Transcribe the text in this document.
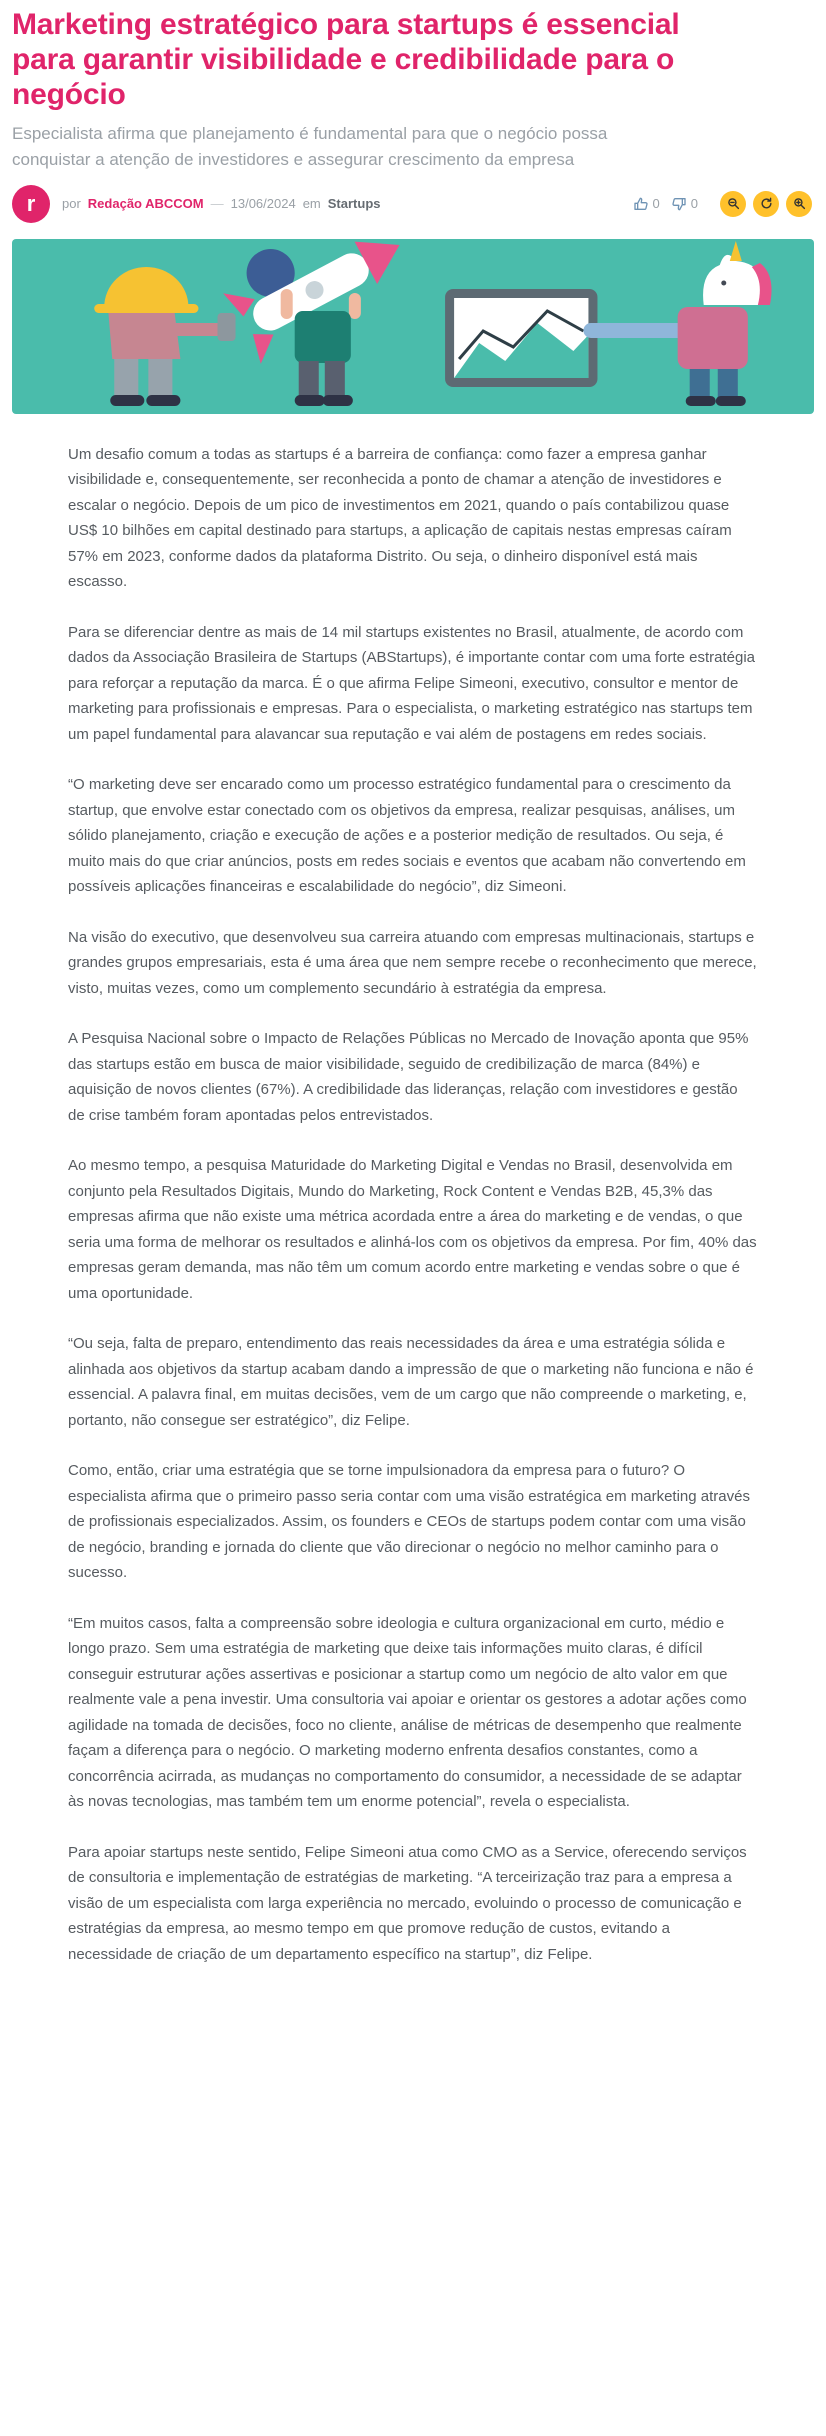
Marketing estratégico para startups é essencial para garantir visibilidade e credibilidade para o negócio

Especialista afirma que planejamento é fundamental para que o negócio possa conquistar a atenção de investidores e assegurar crescimento da empresa

r por Redação ABCCOM — 13/06/2024 em Startups	0 0

Um desafio comum a todas as startups é a barreira de confiança: como fazer a empresa ganhar visibilidade e, consequentemente, ser reconhecida a ponto de chamar a atenção de investidores e escalar o negócio. Depois de um pico de investimentos em 2021, quando o país contabilizou quase US$ 10 bilhões em capital destinado para startups, a aplicação de capitais nestas empresas caíram 57% em 2023, conforme dados da plataforma Distrito. Ou seja, o dinheiro disponível está mais escasso.

Para se diferenciar dentre as mais de 14 mil startups existentes no Brasil, atualmente, de acordo com dados da Associação Brasileira de Startups (ABStartups), é importante contar com uma forte estratégia para reforçar a reputação da marca. É o que afirma Felipe Simeoni, executivo, consultor e mentor de marketing para profissionais e empresas. Para o especialista, o marketing estratégico nas startups tem um papel fundamental para alavancar sua reputação e vai além de postagens em redes sociais.

“O marketing deve ser encarado como um processo estratégico fundamental para o crescimento da startup, que envolve estar conectado com os objetivos da empresa, realizar pesquisas, análises, um sólido planejamento, criação e execução de ações e a posterior medição de resultados. Ou seja, é muito mais do que criar anúncios, posts em redes sociais e eventos que acabam não convertendo em possíveis aplicações financeiras e escalabilidade do negócio”, diz Simeoni.

Na visão do executivo, que desenvolveu sua carreira atuando com empresas multinacionais, startups e grandes grupos empresariais, esta é uma área que nem sempre recebe o reconhecimento que merece, visto, muitas vezes, como um complemento secundário à estratégia da empresa.

A Pesquisa Nacional sobre o Impacto de Relações Públicas no Mercado de Inovação aponta que 95% das startups estão em busca de maior visibilidade, seguido de credibilização de marca (84%) e aquisição de novos clientes (67%). A credibilidade das lideranças, relação com investidores e gestão de crise também foram apontadas pelos entrevistados.

Ao mesmo tempo, a pesquisa Maturidade do Marketing Digital e Vendas no Brasil, desenvolvida em conjunto pela Resultados Digitais, Mundo do Marketing, Rock Content e Vendas B2B, 45,3% das empresas afirma que não existe uma métrica acordada entre a área do marketing e de vendas, o que seria uma forma de melhorar os resultados e alinhá-los com os objetivos da empresa. Por fim, 40% das empresas geram demanda, mas não têm um comum acordo entre marketing e vendas sobre o que é uma oportunidade.

“Ou seja, falta de preparo, entendimento das reais necessidades da área e uma estratégia sólida e alinhada aos objetivos da startup acabam dando a impressão de que o marketing não funciona e não é essencial. A palavra final, em muitas decisões, vem de um cargo que não compreende o marketing, e, portanto, não consegue ser estratégico”, diz Felipe.

Como, então, criar uma estratégia que se torne impulsionadora da empresa para o futuro? O especialista afirma que o primeiro passo seria contar com uma visão estratégica em marketing através de profissionais especializados. Assim, os founders e CEOs de startups podem contar com uma visão de negócio, branding e jornada do cliente que vão direcionar o negócio no melhor caminho para o sucesso.

“Em muitos casos, falta a compreensão sobre ideologia e cultura organizacional em curto, médio e longo prazo. Sem uma estratégia de marketing que deixe tais informações muito claras, é difícil conseguir estruturar ações assertivas e posicionar a startup como um negócio de alto valor em que realmente vale a pena investir. Uma consultoria vai apoiar e orientar os gestores a adotar ações como agilidade na tomada de decisões, foco no cliente, análise de métricas de desempenho que realmente façam a diferença para o negócio. O marketing moderno enfrenta desafios constantes, como a concorrência acirrada, as mudanças no comportamento do consumidor, a necessidade de se adaptar às novas tecnologias, mas também tem um enorme potencial”, revela o especialista.

Para apoiar startups neste sentido, Felipe Simeoni atua como CMO as a Service, oferecendo serviços de consultoria e implementação de estratégias de marketing. “A terceirização traz para a empresa a visão de um especialista com larga experiência no mercado, evoluindo o processo de comunicação e estratégias da empresa, ao mesmo tempo em que promove redução de custos, evitando a necessidade de criação de um departamento específico na startup”, diz Felipe.
